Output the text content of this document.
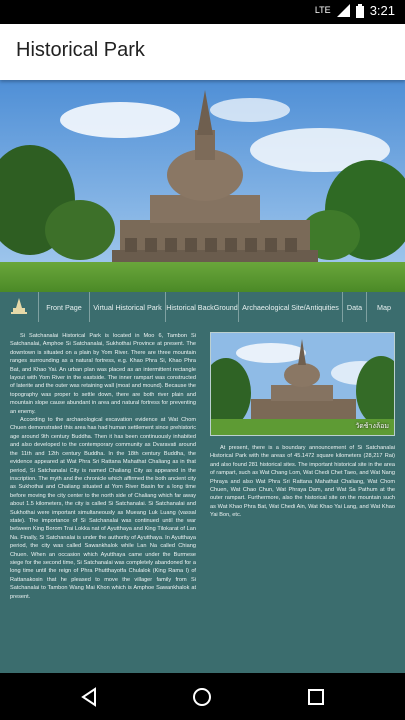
LTE	3:21
Historical Park
Front Page	Virtual Historical Park Historical BackGround Archaeological Site/Antiquities	Data	Map

Si Satchanalai Historical Park is located in Moo 6, Tambon Si Satchanalai, Amphoe Si Satchanalai, Sukhothai Province at present. The downtown is situated on a plain by Yom River. There are three mountain ranges surrounding as a natural fortress, e.g. Khao Phra Si, Khao Phra Bat, and Khao Yai. An urban plan was placed as an intermittent rectangle layout with Yom River in the eastside. The inner rampart was constructed of laterite and the outer was retaining wall (moat and mound). Because the topography was proper to settle down, there are both river plain and mountain slope cause abundant in area and natural fortress for preventing an enemy.

According to the archaeological excavation evidence at Wat Chom Chuen demonstrated this area has had human settlement since prehistoric age around 9th century Buddha. Then it has been continuously inhabited and also developed to the contemporary community as Dvaravati around the 11th and 12th century Buddha. In the 18th century Buddha, the evidence appeared at Wat Phra Sri Rattana Mahathat Chaliang as in that period, Si Satchanalai City is named Chaliang City as appeared in the inscription. The myth and the chronicle which affirmed the both ancient city as Sukhothai and Chaliang situated at Yom River Basin for a long time before moving the city center to the north side of Chaliang which far away about 1.5 kilometers, the city is called Si Satchanalai. Si Satchanalai and Sukhothai were important simultaneously as Mueang Luk Luang (vassal state). The importance of Si Satchanalai was continued until the war between King Borom Trai Lokka nat of Ayutthaya and King Tilokarat of Lan Na. Finally, Si Satchanalai is under the authority of Ayutthaya. In Ayutthaya period, the city was called Sawankhalok while Lan Na called Chiang Chuen. When an occasion which Ayutthaya came under the Burmese siege for the second time, Si Satchanalai was completely abandoned for a long time until the reign of Phra Phutthayotfa Chulalok (King Rama I) of Rattanakosin that he pleased to move the villager family from Si Satchanalai to Tambon Wang Mai Khon which is Amphoe Sawankhalok at present.

วัดช้างล้อม

At present, there is a boundary announcement of Si Satchanalai Historical Park with the areas of 45.1472 square kilometers (28,217 Rai) and also found 281 historical sites. The important historical site in the area of rampart, such as Wat Chang Lom, Wat Chedi Chet Taeo, and Wat Nang Phraya and also Wat Phra Sri Rattana Mahathat Chaliang, Wat Chom Chuen, Wat Chao Chun, Wat Phraya Dam, and Wat Sa Pathum at the outer rampart. Furthermore, also the historical site on the mountain such as Wat Khao Phra Bat, Wat Chedi Ain, Wat Khao Yai Lang, and Wat Khao Yai Bon, etc.
